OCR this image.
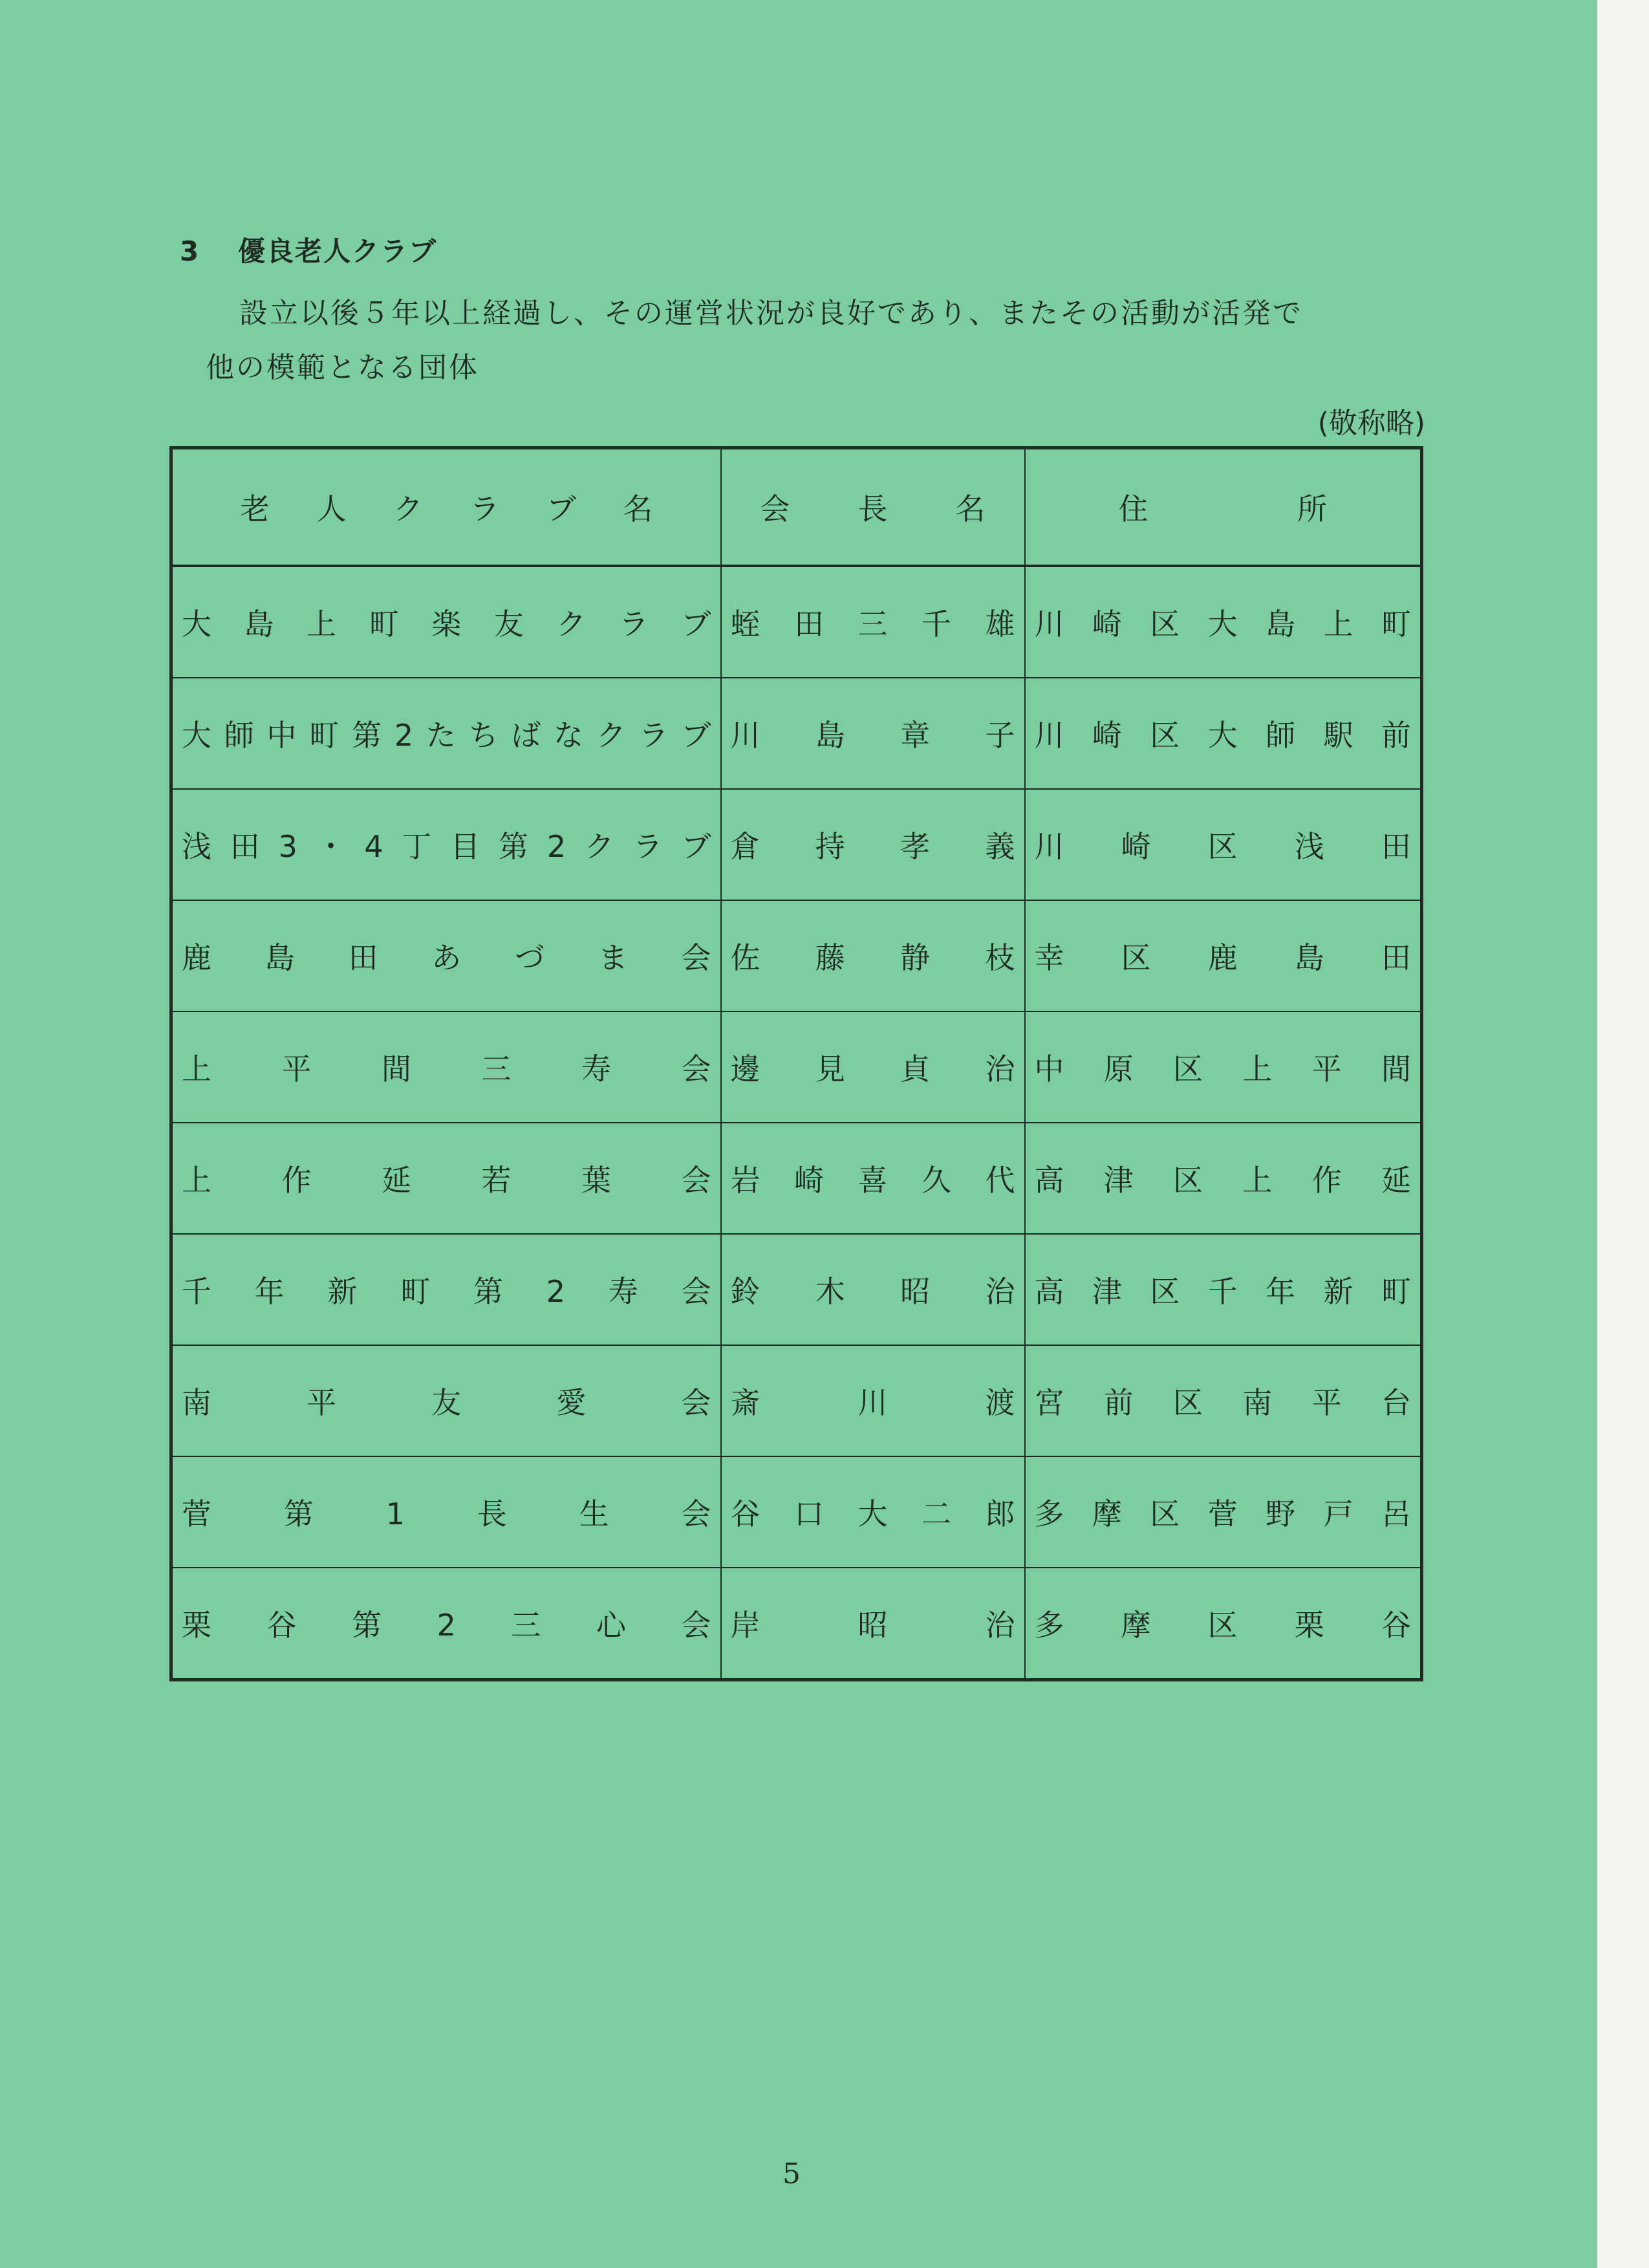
3 優良老人クラブ
設立以後５年以上経過し、その運営状況が良好であり、またその活動が活発で
他の模範となる団体
(敬称略)
老人クラブ名	会長名	住所

大島上町楽友クラブ	蛭田三千雄	川崎区大島上町

大師中町第2たちばなクラブ	川島章子	川崎区大師駅前

浅田3・4丁目第2クラブ	倉持孝義	川崎区浅田

鹿島田あづま会	佐藤静枝	幸区鹿島田

上平間三寿会	邊見貞治	中原区上平間

上作延若葉会	岩崎喜久代	高津区上作延

千年新町第2寿会	鈴木昭治	高津区千年新町

南平友愛会	斎川渡	宮前区南平台

菅第1長生会	谷口大二郎	多摩区菅野戸呂

栗谷第2三心会	岸昭治	多摩区栗谷
5
